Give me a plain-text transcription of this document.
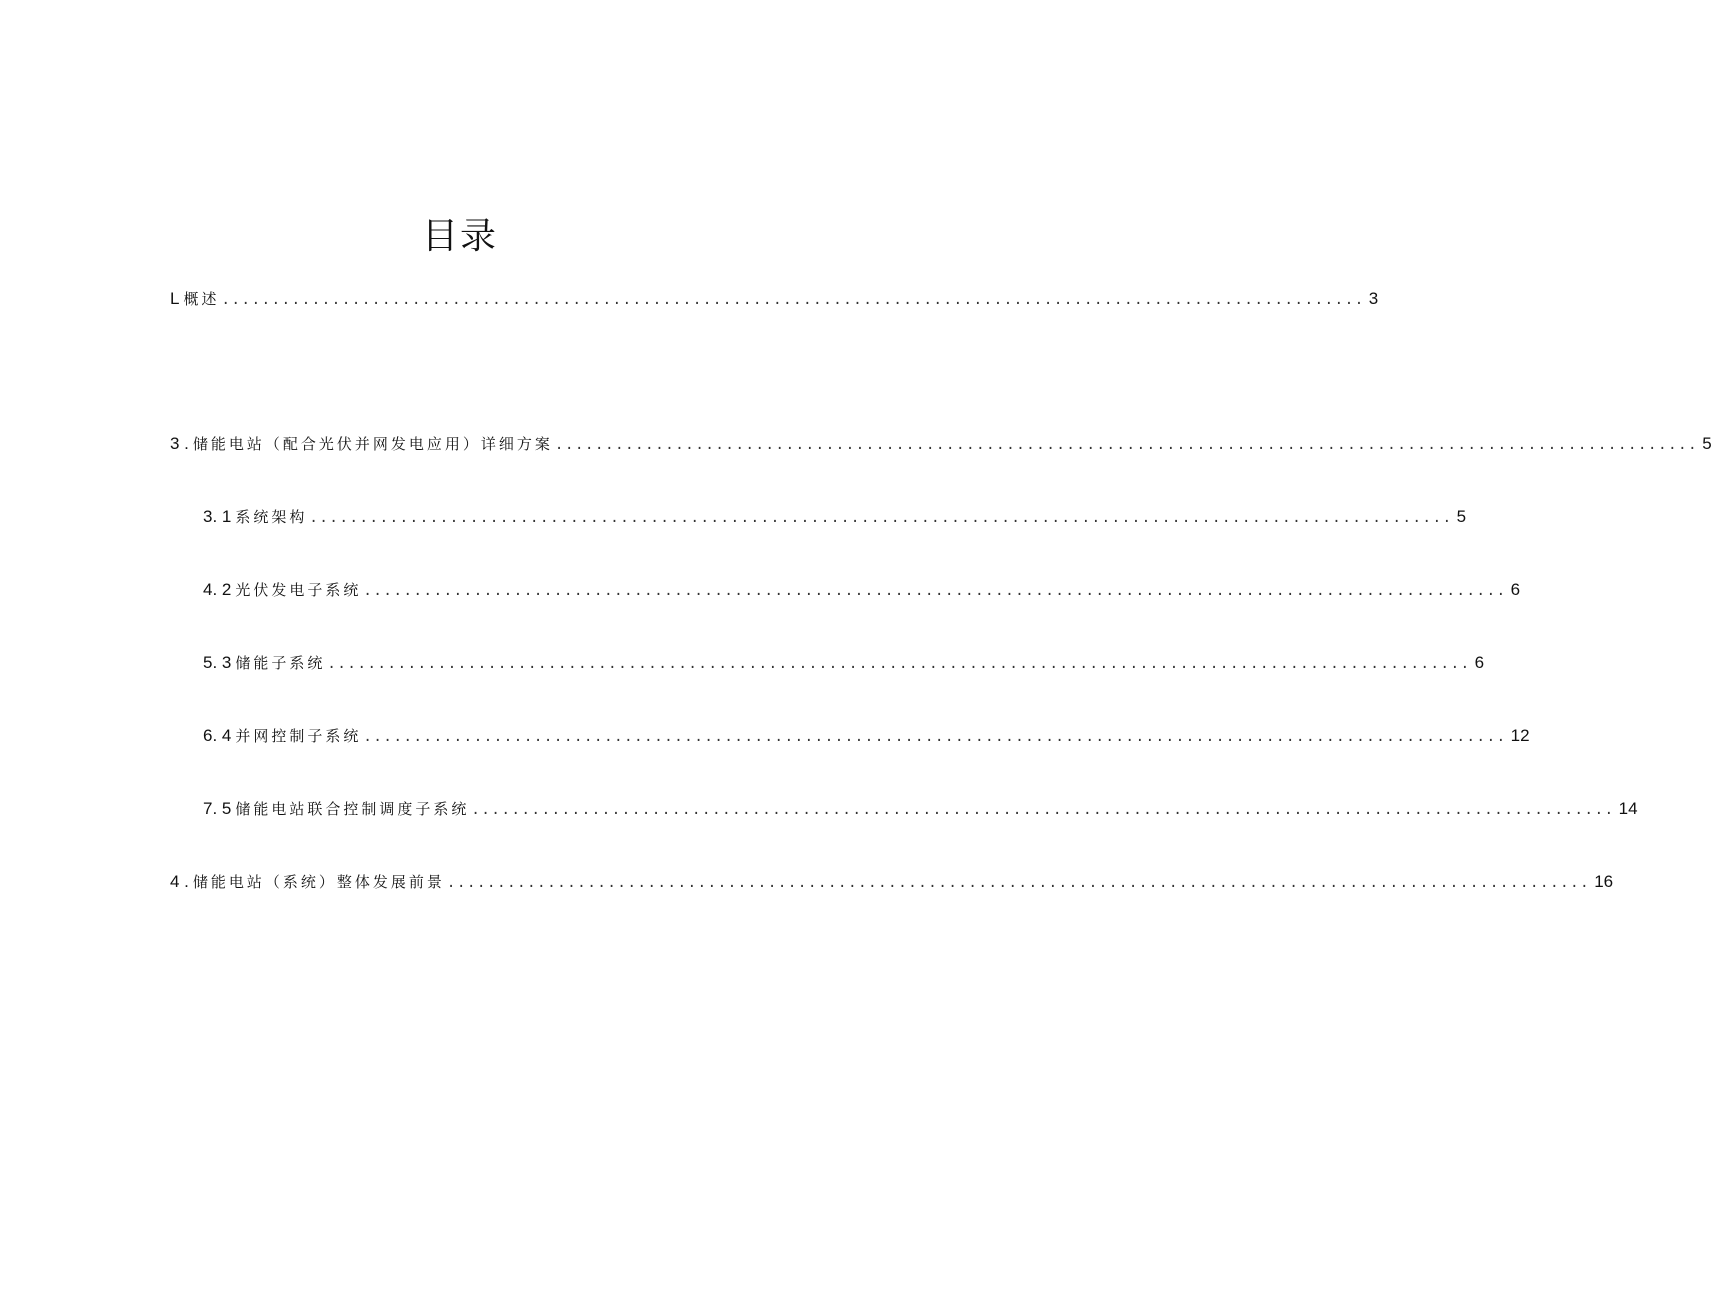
目录
L 概述 .................................................................................................................. 3
3 . 储能电站（配合光伏并网发电应用）详细方案 .................................................................................................................. 5
3. 1 系统架构 .................................................................................................................. 5
4. 2 光伏发电子系统 .................................................................................................................. 6
5. 3 储能子系统 .................................................................................................................. 6
6. 4 并网控制子系统 .................................................................................................................. 12
7. 5 储能电站联合控制调度子系统 .................................................................................................................. 14
4 . 储能电站（系统）整体发展前景 .................................................................................................................. 16
